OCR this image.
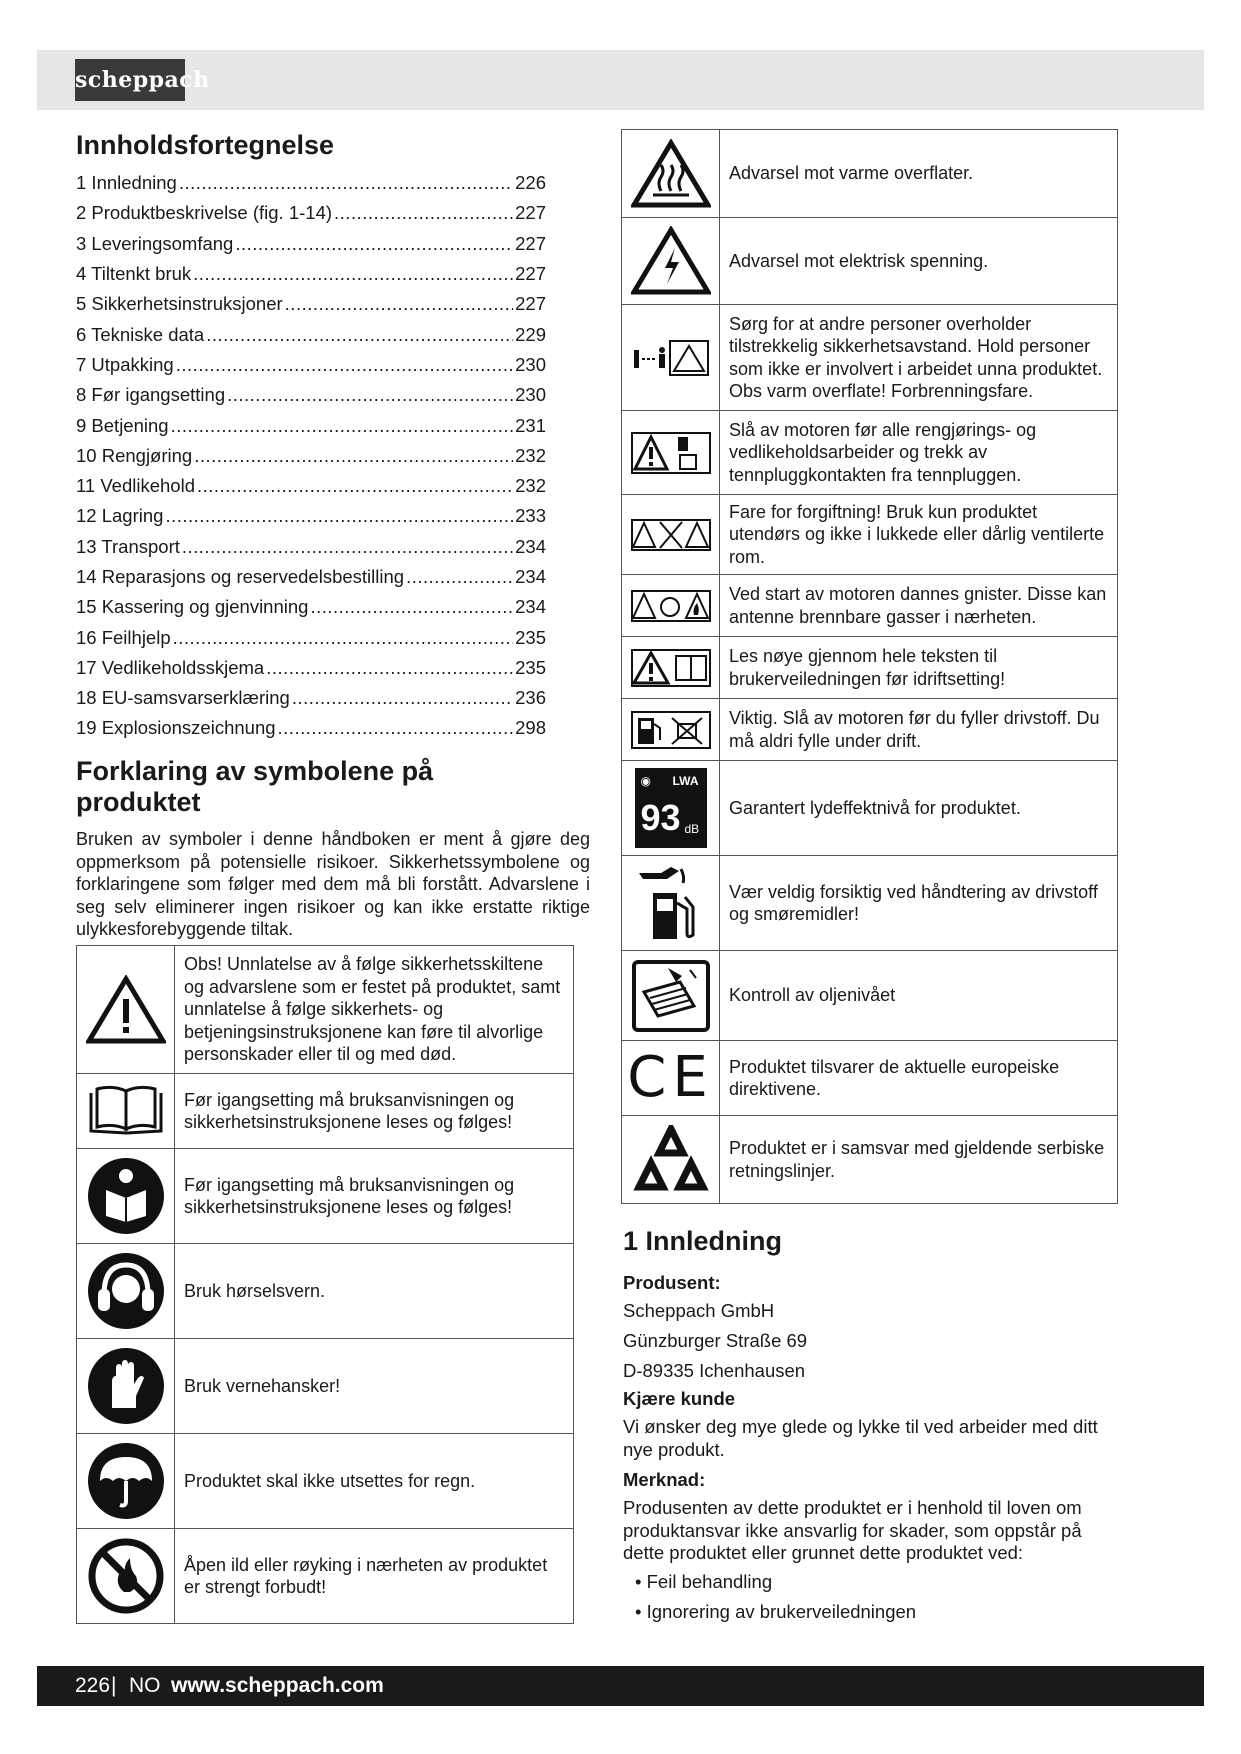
scheppach
Innholdsfortegnelse
1 Innledning .....	226
2 Produktbeskrivelse (fig. 1-14) .....	227
3 Leveringsomfang .....	227
4 Tiltenkt bruk .....	227
5 Sikkerhetsinstruksjoner .....	227
6 Tekniske data .....	229
7 Utpakking .....	230
8 Før igangsetting .....	230
9 Betjening .....	231
10 Rengjøring .....	232
11 Vedlikehold .....	232
12 Lagring .....	233
13 Transport .....	234
14 Reparasjons og reservedelsbestilling .....	234
15 Kassering og gjenvinning .....	234
16 Feilhjelp .....	235
17 Vedlikeholdsskjema .....	235
18 EU-samsvarserklæring .....	236
19 Explosionszeichnung .....	298
Forklaring av symbolene på produktet

Bruken av symboler i denne håndboken er ment å gjøre deg oppmerksom på potensielle risikoer. Sikkerhetssymbolene og forklaringene som følger med dem må bli forstått. Advarslene i seg selv eliminerer ingen risikoer og kan ikke erstatte riktige ulykkesforebyggende tiltak.

	Obs! Unnlatelse av å følge sikkerhetsskiltene og advarslene som er festet på produktet, samt unnlatelse å følge sikkerhets- og betjeningsinstruksjonene kan føre til alvorlige personskader eller til og med død.

	Før igangsetting må bruksanvisningen og sikkerhetsinstruksjonene leses og følges!

	Før igangsetting må bruksanvisningen og sikkerhetsinstruksjonene leses og følges!

	Bruk hørselsvern.

	Bruk vernehansker!

	Produktet skal ikke utsettes for regn.

	Åpen ild eller røyking i nærheten av produktet er strengt forbudt!
	Advarsel mot varme overflater.

	Advarsel mot elektrisk spenning.

	Sørg for at andre personer overholder tilstrekkelig sikkerhetsavstand. Hold personer som ikke er involvert i arbeidet unna produktet. Obs varm overflate! Forbrenningsfare.

	Slå av motoren før alle rengjørings- og vedlikeholdsarbeider og trekk av tennpluggkontakten fra tennpluggen.

	Fare for forgiftning! Bruk kun produktet utendørs og ikke i lukkede eller dårlig ventilerte rom.

	Ved start av motoren dannes gnister. Disse kan antenne brennbare gasser i nærheten.

	Les nøye gjennom hele teksten til brukerveiledningen før idriftsetting!

	Viktig. Slå av motoren før du fyller drivstoff. Du må aldri fylle under drift.

◉ LWA
93 dB	Garantert lydeffektnivå for produktet.

	Vær veldig forsiktig ved håndtering av drivstoff og smøremidler!

	Kontroll av oljenivået

CE	Produktet tilsvarer de aktuelle europeiske direktivene.

	Produktet er i samsvar med gjeldende serbiske retningslinjer.
1 Innledning

Produsent:

Scheppach GmbH

Günzburger Straße 69

D-89335 Ichenhausen

Kjære kunde

Vi ønsker deg mye glede og lykke til ved arbeider med ditt nye produkt.

Merknad:

Produsenten av dette produktet er i henhold til loven om produktansvar ikke ansvarlig for skader, som oppstår på dette produktet eller grunnet dette produktet ved:

• Feil behandling

• Ignorering av brukerveiledningen

226 | NO www.scheppach.com
